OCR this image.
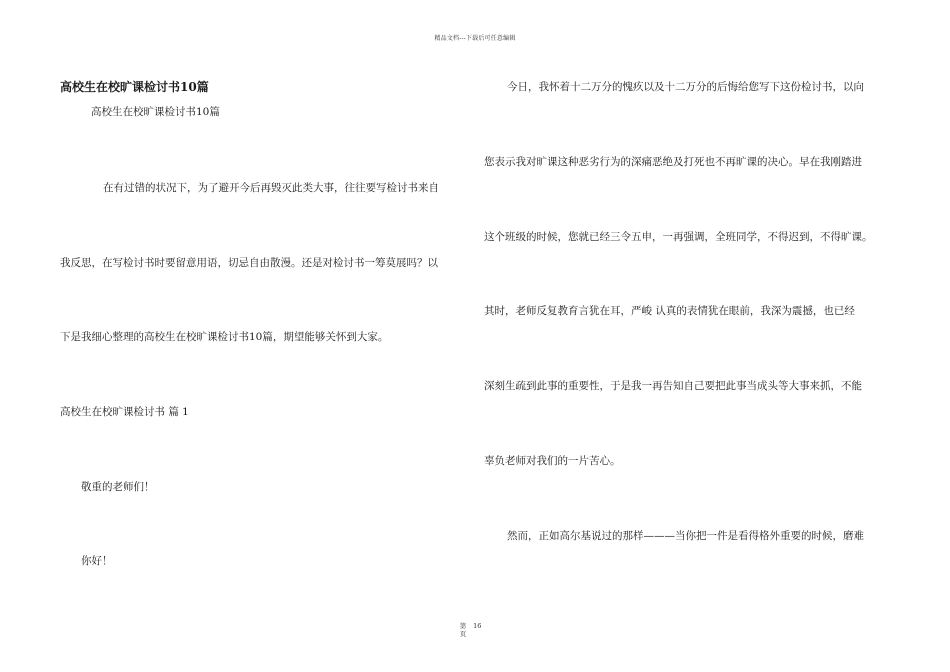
精品文档---下载后可任意编辑
高校生在校旷课检讨书10篇
高校生在校旷课检讨书10篇
在有过错的状况下，为了避开今后再毁灭此类大事，往往要写检讨书来自
我反思，在写检讨书时要留意用语，切忌自由散漫。还是对检讨书一筹莫展吗？以
下是我细心整理的高校生在校旷课检讨书10篇，期望能够关怀到大家。
高校生在校旷课检讨书 篇 1
敬重的老师们！
你好！
今日，我怀着十二万分的愧疚以及十二万分的后悔给您写下这份检讨书，以向
您表示我对旷课这种恶劣行为的深痛恶绝及打死也不再旷课的决心。早在我刚踏进
这个班级的时候，您就已经三令五申，一再强调，全班同学，不得迟到，不得旷课。
其时，老师反复教育言犹在耳，严峻 认真的表情犹在眼前，我深为震撼，也已经
深刻生疏到此事的重要性，于是我一再告知自己要把此事当成头等大事来抓，不能
辜负老师对我们的一片苦心。
然而，正如高尔基说过的那样———当你把一件是看得格外重要的时候，磨难
第
页 16
